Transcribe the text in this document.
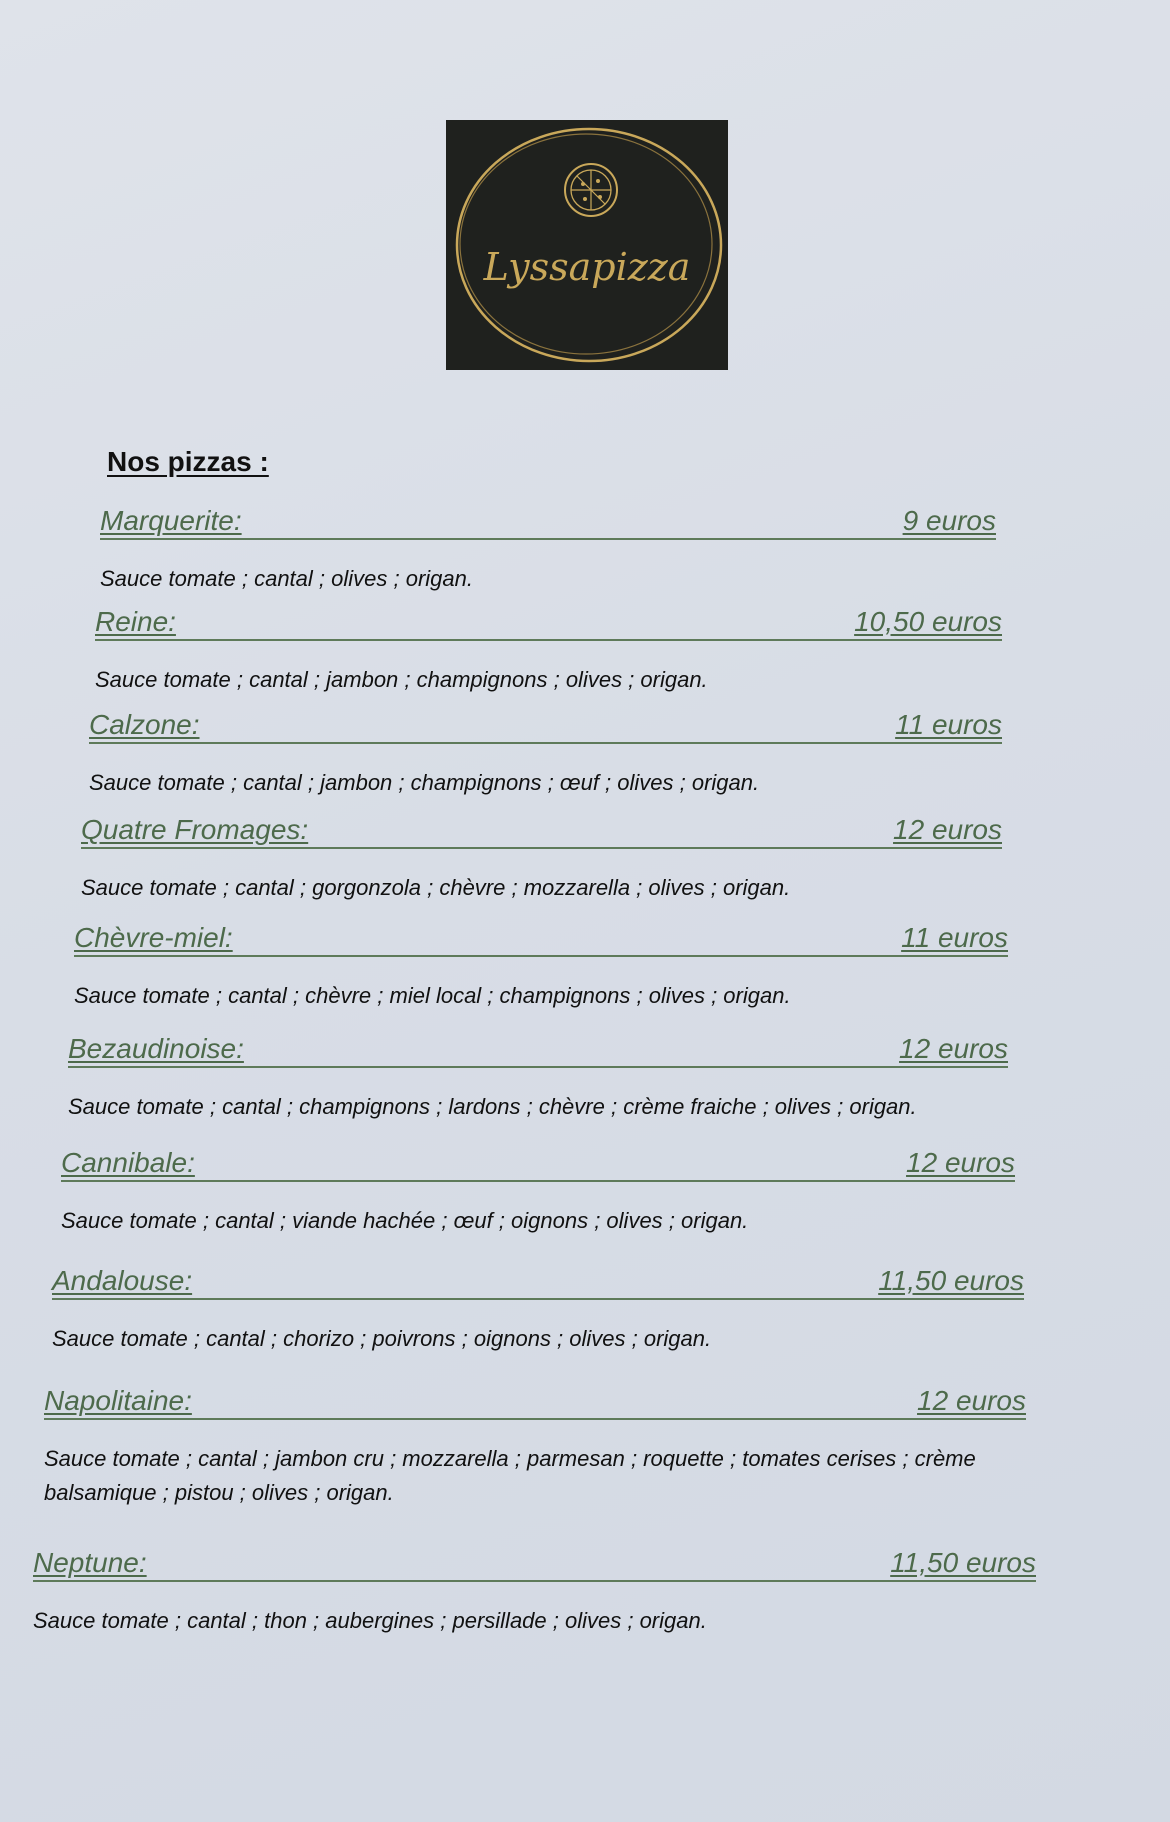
Lyssapizza
Nos pizzas :
Marquerite:	9 euros
Sauce tomate ; cantal ; olives ; origan.
Reine:	10,50 euros
Sauce tomate ; cantal ; jambon ; champignons ; olives ; origan.
Calzone:	11 euros
Sauce tomate ; cantal ; jambon ; champignons ; œuf ; olives ; origan.
Quatre Fromages:	12 euros
Sauce tomate ; cantal ; gorgonzola ; chèvre ; mozzarella ; olives ; origan.
Chèvre-miel:	11 euros
Sauce tomate ; cantal ; chèvre ; miel local ; champignons ; olives ; origan.
Bezaudinoise:	12 euros
Sauce tomate ; cantal ; champignons ; lardons ; chèvre ; crème fraiche ; olives ; origan.
Cannibale:	12 euros
Sauce tomate ; cantal ; viande hachée ; œuf ; oignons ; olives ; origan.
Andalouse:	11,50 euros
Sauce tomate ; cantal ; chorizo ; poivrons ; oignons ; olives ; origan.
Napolitaine:	12 euros
Sauce tomate ; cantal ; jambon cru ; mozzarella ; parmesan ; roquette ; tomates cerises ; crème balsamique ; pistou ; olives ; origan.
Neptune:	11,50 euros
Sauce tomate ; cantal ; thon ; aubergines ; persillade ; olives ; origan.
